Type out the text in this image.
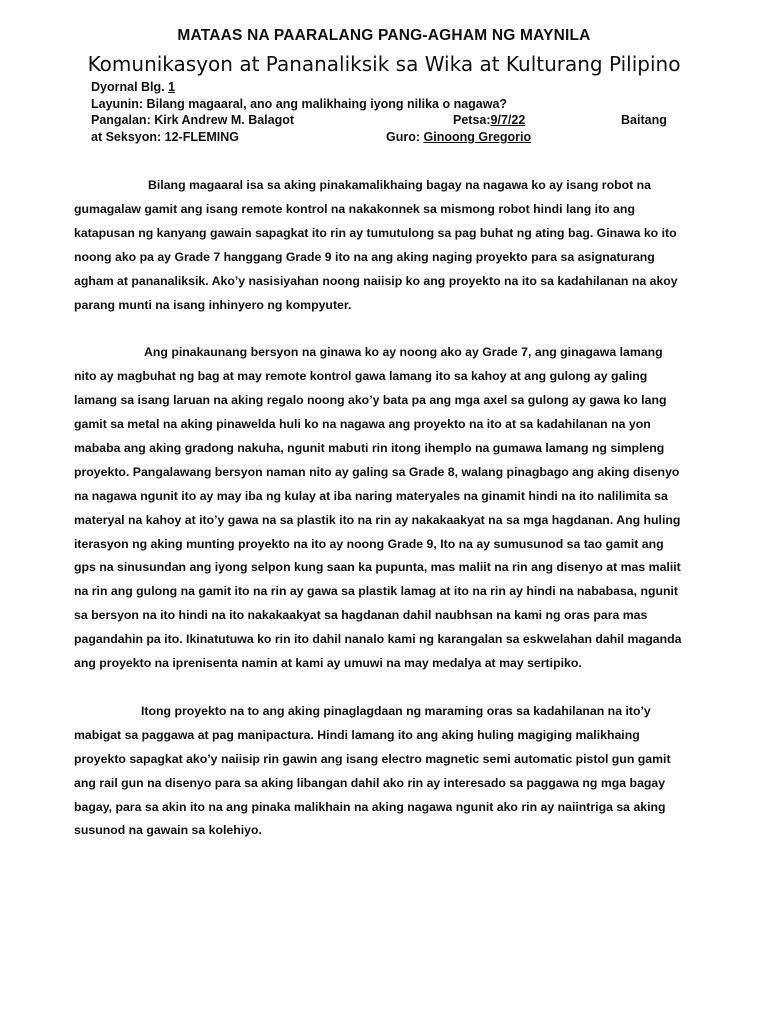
MATAAS NA PAARALANG PANG-AGHAM NG MAYNILA
Komunikasyon at Pananaliksik sa Wika at Kulturang Pilipino
Dyornal Blg. 1
Layunin: Bilang magaaral, ano ang malikhaing iyong nilika o nagawa?
Pangalan: Kirk Andrew M. Balagot	Petsa:9/7/22	Baitang
at Seksyon: 12-FLEMING	Guro: Ginoong Gregorio

Bilang magaaral isa sa aking pinakamalikhaing bagay na nagawa ko ay isang robot na gumagalaw gamit ang isang remote kontrol na nakakonnek sa mismong robot hindi lang ito ang katapusan ng kanyang gawain sapagkat ito rin ay tumutulong sa pag buhat ng ating bag. Ginawa ko ito noong ako pa ay Grade 7 hanggang Grade 9 ito na ang aking naging proyekto para sa asignaturang agham at pananaliksik. Ako’y nasisiyahan noong naiisip ko ang proyekto na ito sa kadahilanan na akoy parang munti na isang inhinyero ng kompyuter.

Ang pinakaunang bersyon na ginawa ko ay noong ako ay Grade 7, ang ginagawa lamang nito ay magbuhat ng bag at may remote kontrol gawa lamang ito sa kahoy at ang gulong ay galing lamang sa isang laruan na aking regalo noong ako’y bata pa ang mga axel sa gulong ay gawa ko lang gamit sa metal na aking pinawelda huli ko na nagawa ang proyekto na ito at sa kadahilanan na yon mababa ang aking gradong nakuha, ngunit mabuti rin itong ihemplo na gumawa lamang ng simpleng proyekto. Pangalawang bersyon naman nito ay galing sa Grade 8, walang pinagbago ang aking disenyo na nagawa ngunit ito ay may iba ng kulay at iba naring materyales na ginamit hindi na ito nalilimita sa materyal na kahoy at ito’y gawa na sa plastik ito na rin ay nakakaakyat na sa mga hagdanan. Ang huling iterasyon ng aking munting proyekto na ito ay noong Grade 9, Ito na ay sumusunod sa tao gamit ang gps na sinusundan ang iyong selpon kung saan ka pupunta, mas maliit na rin ang disenyo at mas maliit na rin ang gulong na gamit ito na rin ay gawa sa plastik lamag at ito na rin ay hindi na nababasa, ngunit sa bersyon na ito hindi na ito nakakaakyat sa hagdanan dahil naubhsan na kami ng oras para mas pagandahin pa ito. Ikinatutuwa ko rin ito dahil nanalo kami ng karangalan sa eskwelahan dahil maganda ang proyekto na iprenisenta namin at kami ay umuwi na may medalya at may sertipiko.

Itong proyekto na to ang aking pinaglagdaan ng maraming oras sa kadahilanan na ito’y mabigat sa paggawa at pag manipactura. Hindi lamang ito ang aking huling magiging malikhaing proyekto sapagkat ako’y naiisip rin gawin ang isang electro magnetic semi automatic pistol gun gamit ang rail gun na disenyo para sa aking libangan dahil ako rin ay interesado sa paggawa ng mga bagay bagay, para sa akin ito na ang pinaka malikhain na aking nagawa ngunit ako rin ay naiintriga sa aking susunod na gawain sa kolehiyo.
